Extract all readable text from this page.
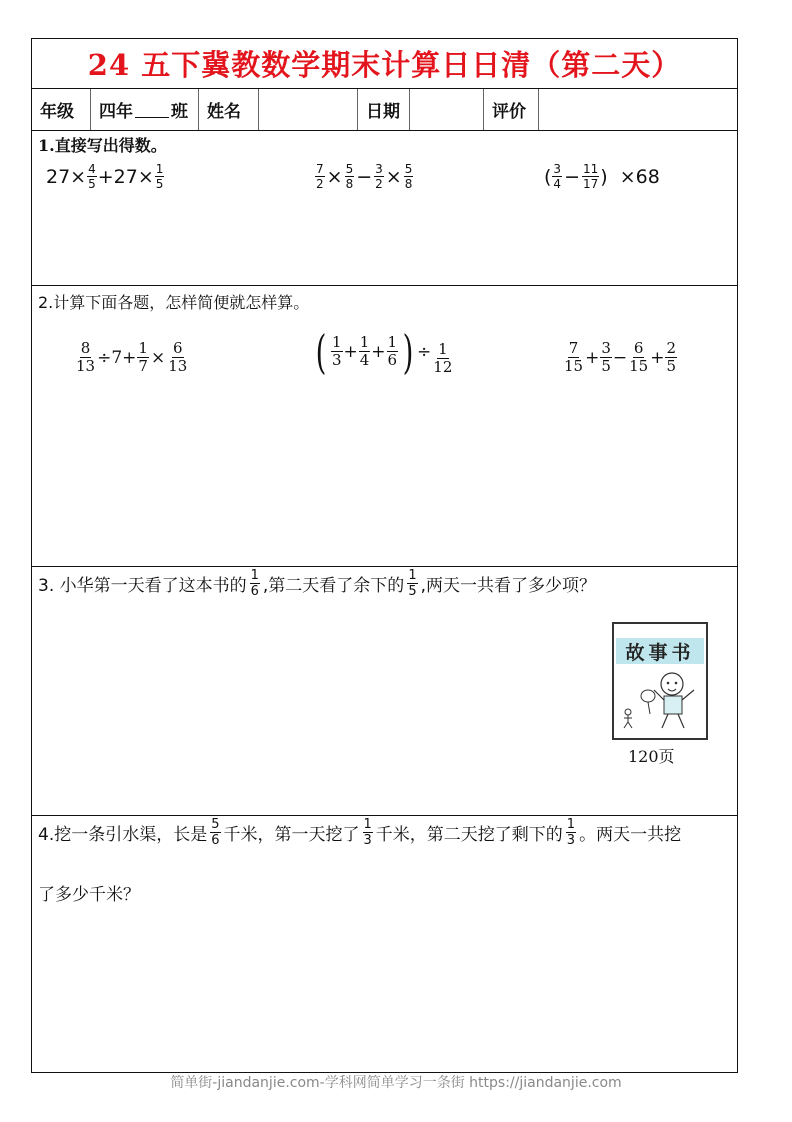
24 五下冀教数学期末计算日日清（第二天）
年级 四年 班 姓名	日期	评价
1.直接写出得数。
$27\times \frac{4}{5} +27\times \frac{1}{5}$	$\frac{7}{2} \times \frac{5}{8} - \frac{3}{2} \times \frac{5}{8}$	( $\frac{3}{4} - \frac{11}{17}$ ) ×68
2.计算下面各题，怎样简便就怎样算。
$\frac{8}{13} \div 7+ \frac{1}{7} \times \frac{6}{13}$	( $\frac{1}{3} + \frac{1}{4} + \frac{1}{6}$ ) ÷ $\frac{1}{12}$	$\frac{7}{15} + \frac{3}{5} - \frac{6}{15} + \frac{2}{5}$
3. 小华第一天看了这本书的 $\frac{1}{6}$ ,第二天看了余下的 $\frac{1}{5}$ ,两天一共看了多少项？
故事书
120页
4.挖一条引水渠，长是 $\frac{5}{6}$ 千米，第一天挖了 $\frac{1}{3}$ 千米，第二天挖了剩下的 $\frac{1}{3}$ 。两天一共挖
了多少千米？
简单街-jiandanjie.com-学科网简单学习一条街 https://jiandanjie.com
